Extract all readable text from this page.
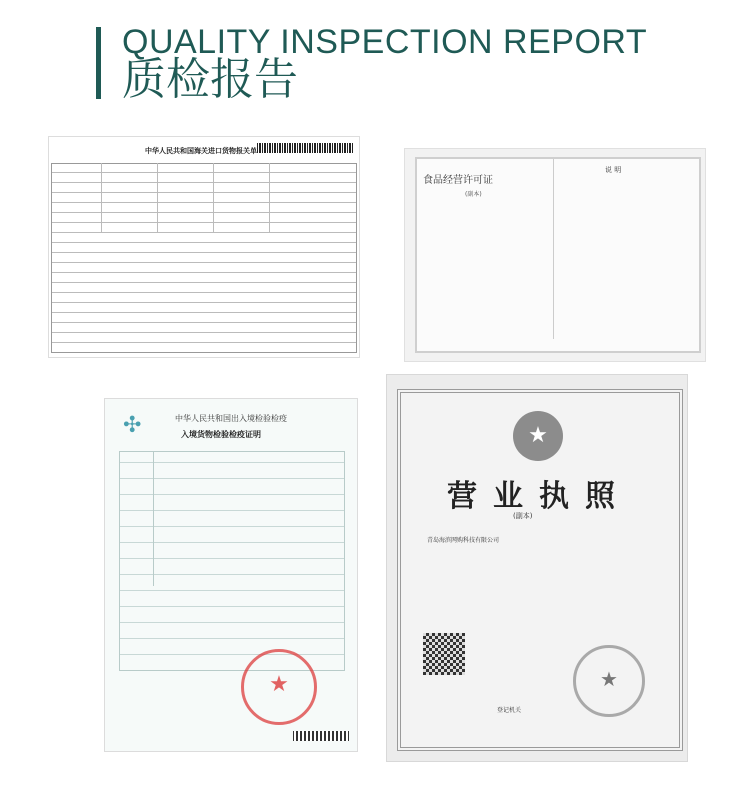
QUALITY INSPECTION REPORT
质检报告
中华人民共和国海关进口货物报关单
食品经营许可证
(副本)
说 明
✣	中华人民共和国出入境检验检疫
入境货物检验检疫证明
★
★
营业执照
(副本)
青岛海滨网购科技有限公司
★
登记机关
